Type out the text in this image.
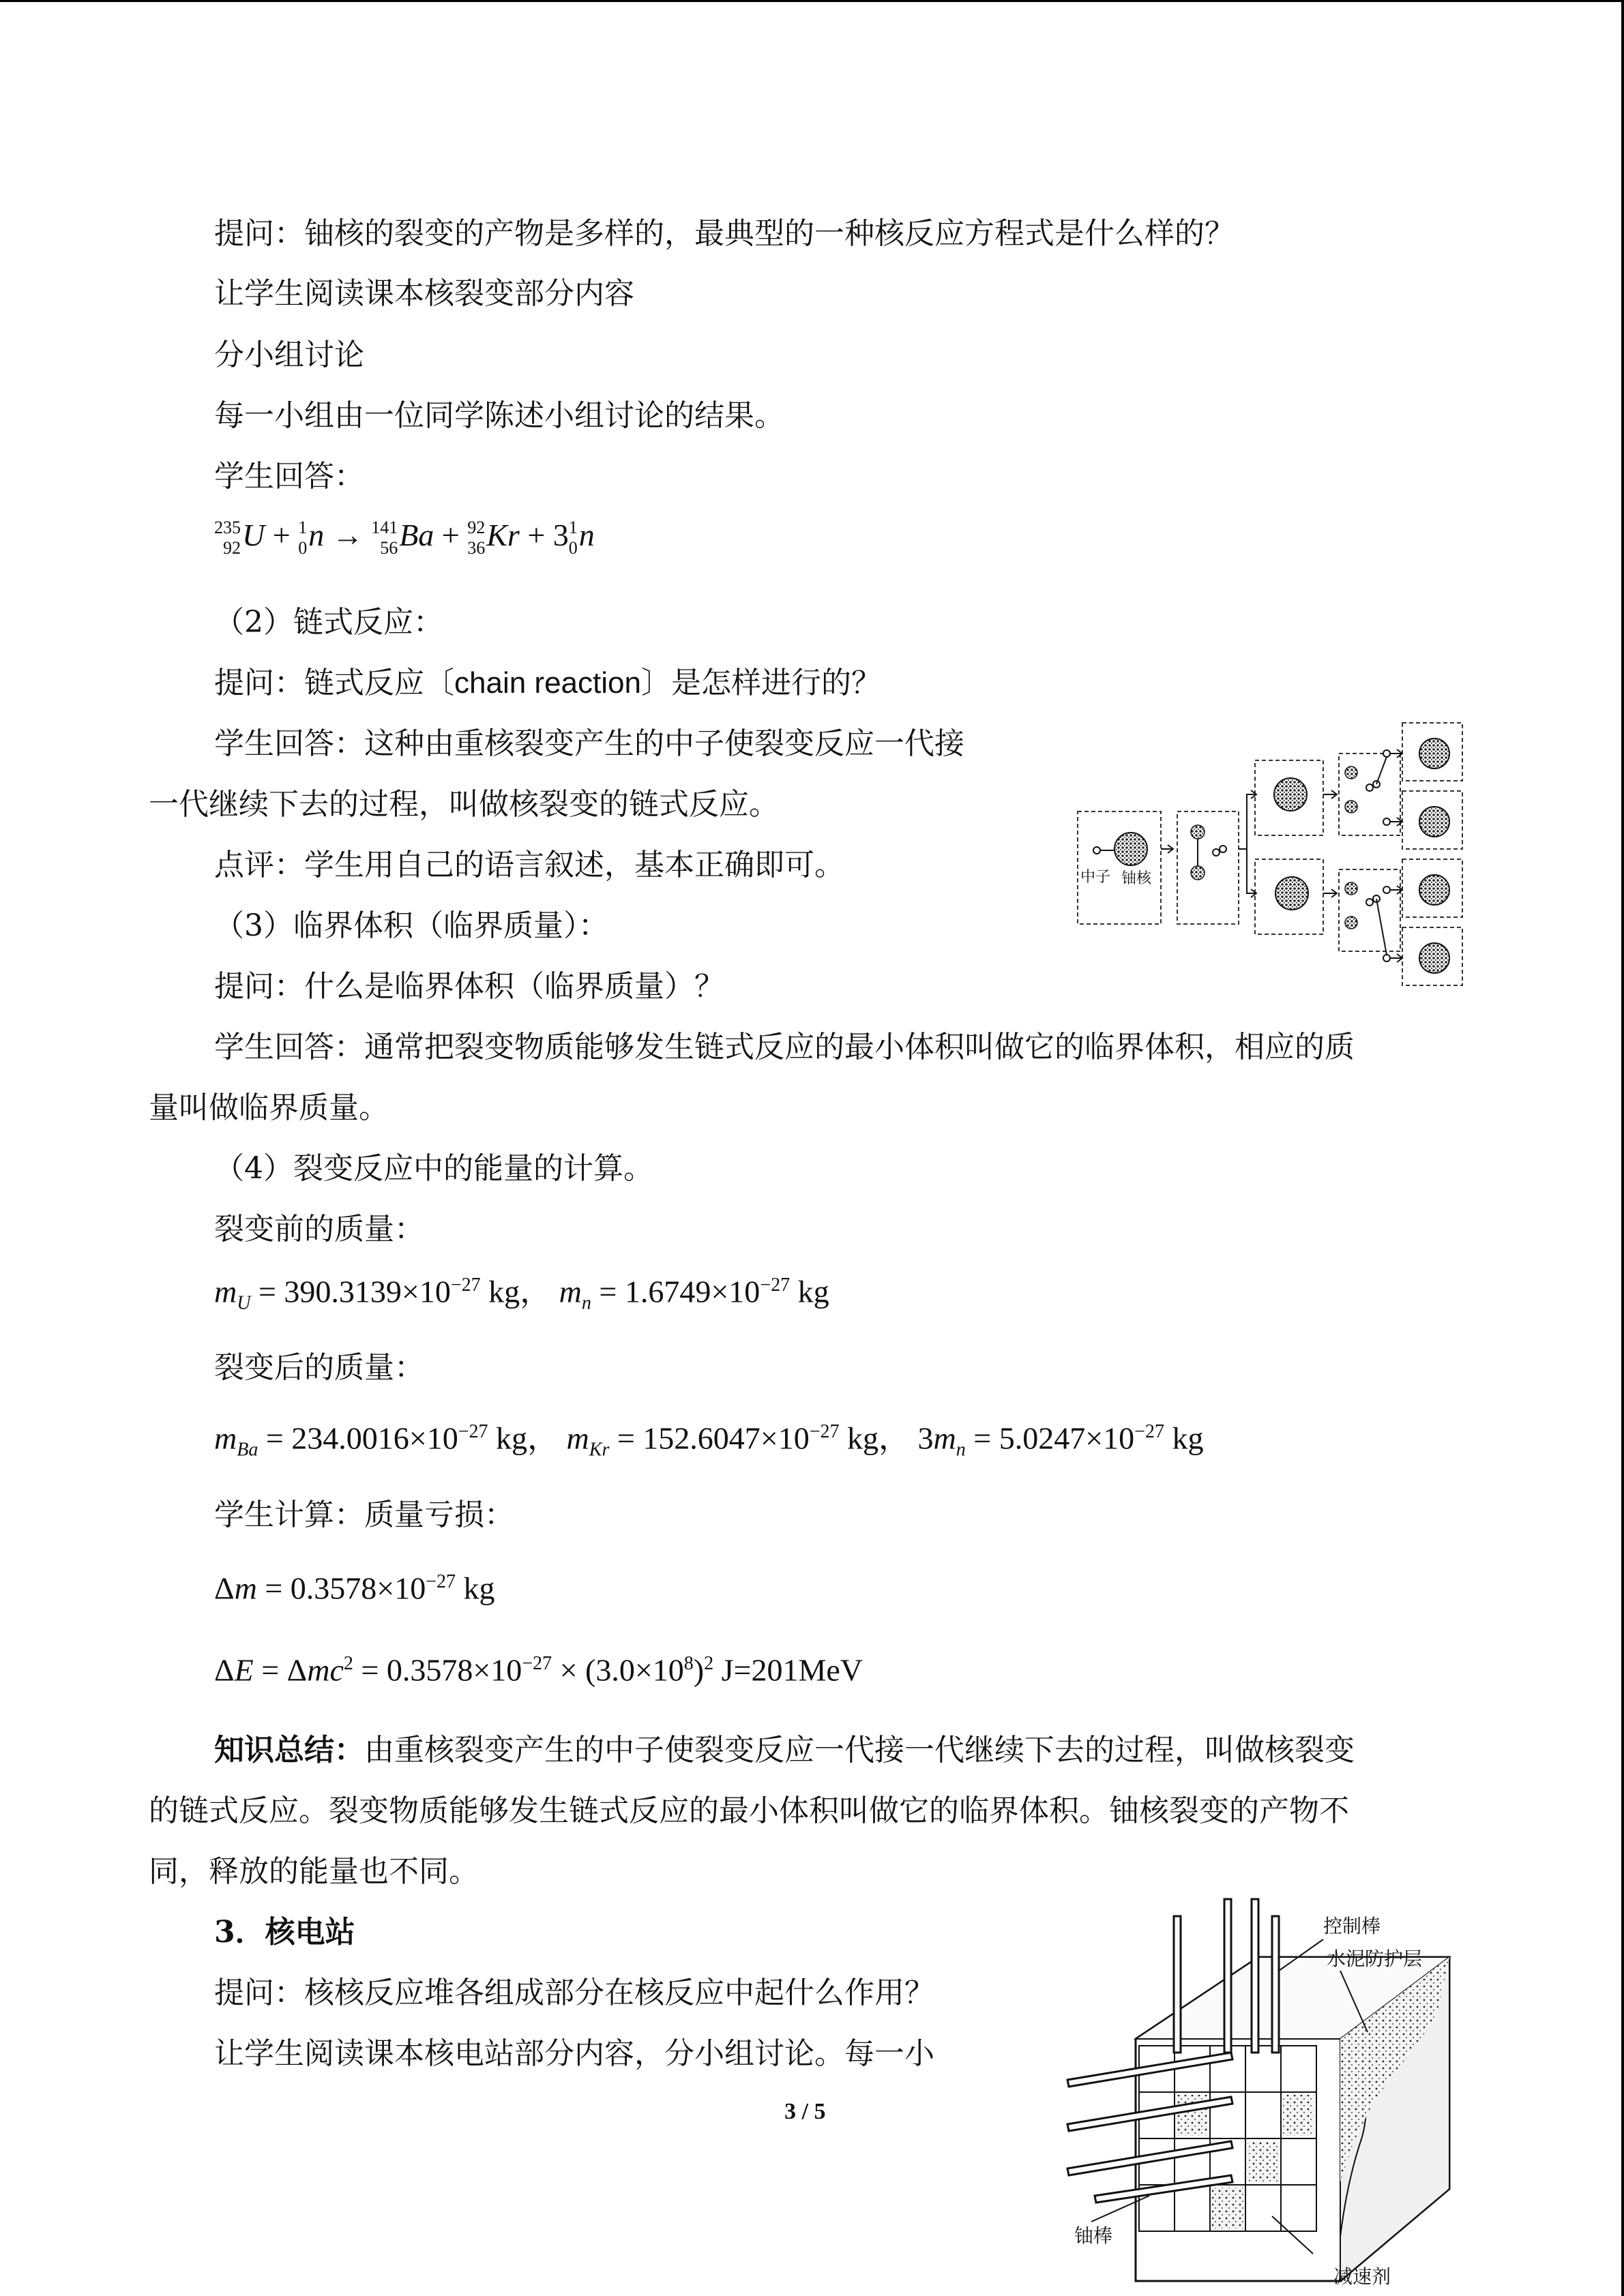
提问：铀核的裂变的产物是多样的，最典型的一种核反应方程式是什么样的？
让学生阅读课本核裂变部分内容
分小组讨论
每一小组由一位同学陈述小组讨论的结果。
学生回答：
235
92 U + 1
0 n → 141
56 Ba + 92
36 Kr + 3 1
0 n
（2）链式反应：
提问：链式反应〔chain reaction〕是怎样进行的？
学生回答：这种由重核裂变产生的中子使裂变反应一代接
一代继续下去的过程，叫做核裂变的链式反应。
点评：学生用自己的语言叙述，基本正确即可。
（3）临界体积（临界质量）：
提问：什么是临界体积（临界质量）？
学生回答：通常把裂变物质能够发生链式反应的最小体积叫做它的临界体积，相应的质
量叫做临界质量。
（4）裂变反应中的能量的计算。
裂变前的质量：
$m_U = 390.3139\times 10^{-27}$ kg， $m_n = 1.6749\times 10^{-27}$ kg
裂变后的质量：
$m_{Ba} = 234.0016\times 10^{-27}$ kg， $m_{Kr} = 152.6047\times 10^{-27}$ kg， $3m_n = 5.0247\times 10^{-27}$ kg
学生计算：质量亏损：
$\Delta m = 0.3578\times 10^{-27}$ kg
$\Delta E = \Delta mc^2 = 0.3578\times 10^{-27} \times (3.0\times 10^8)^2$ J=201MeV
知识总结：由重核裂变产生的中子使裂变反应一代接一代继续下去的过程，叫做核裂变
的链式反应。裂变物质能够发生链式反应的最小体积叫做它的临界体积。铀核裂变的产物不
同，释放的能量也不同。
3．核电站
提问：核核反应堆各组成部分在核反应中起什么作用？
让学生阅读课本核电站部分内容，分小组讨论。每一小
3 / 5
中子 铀核
控制棒
水泥防护层
铀棒
减速剂
